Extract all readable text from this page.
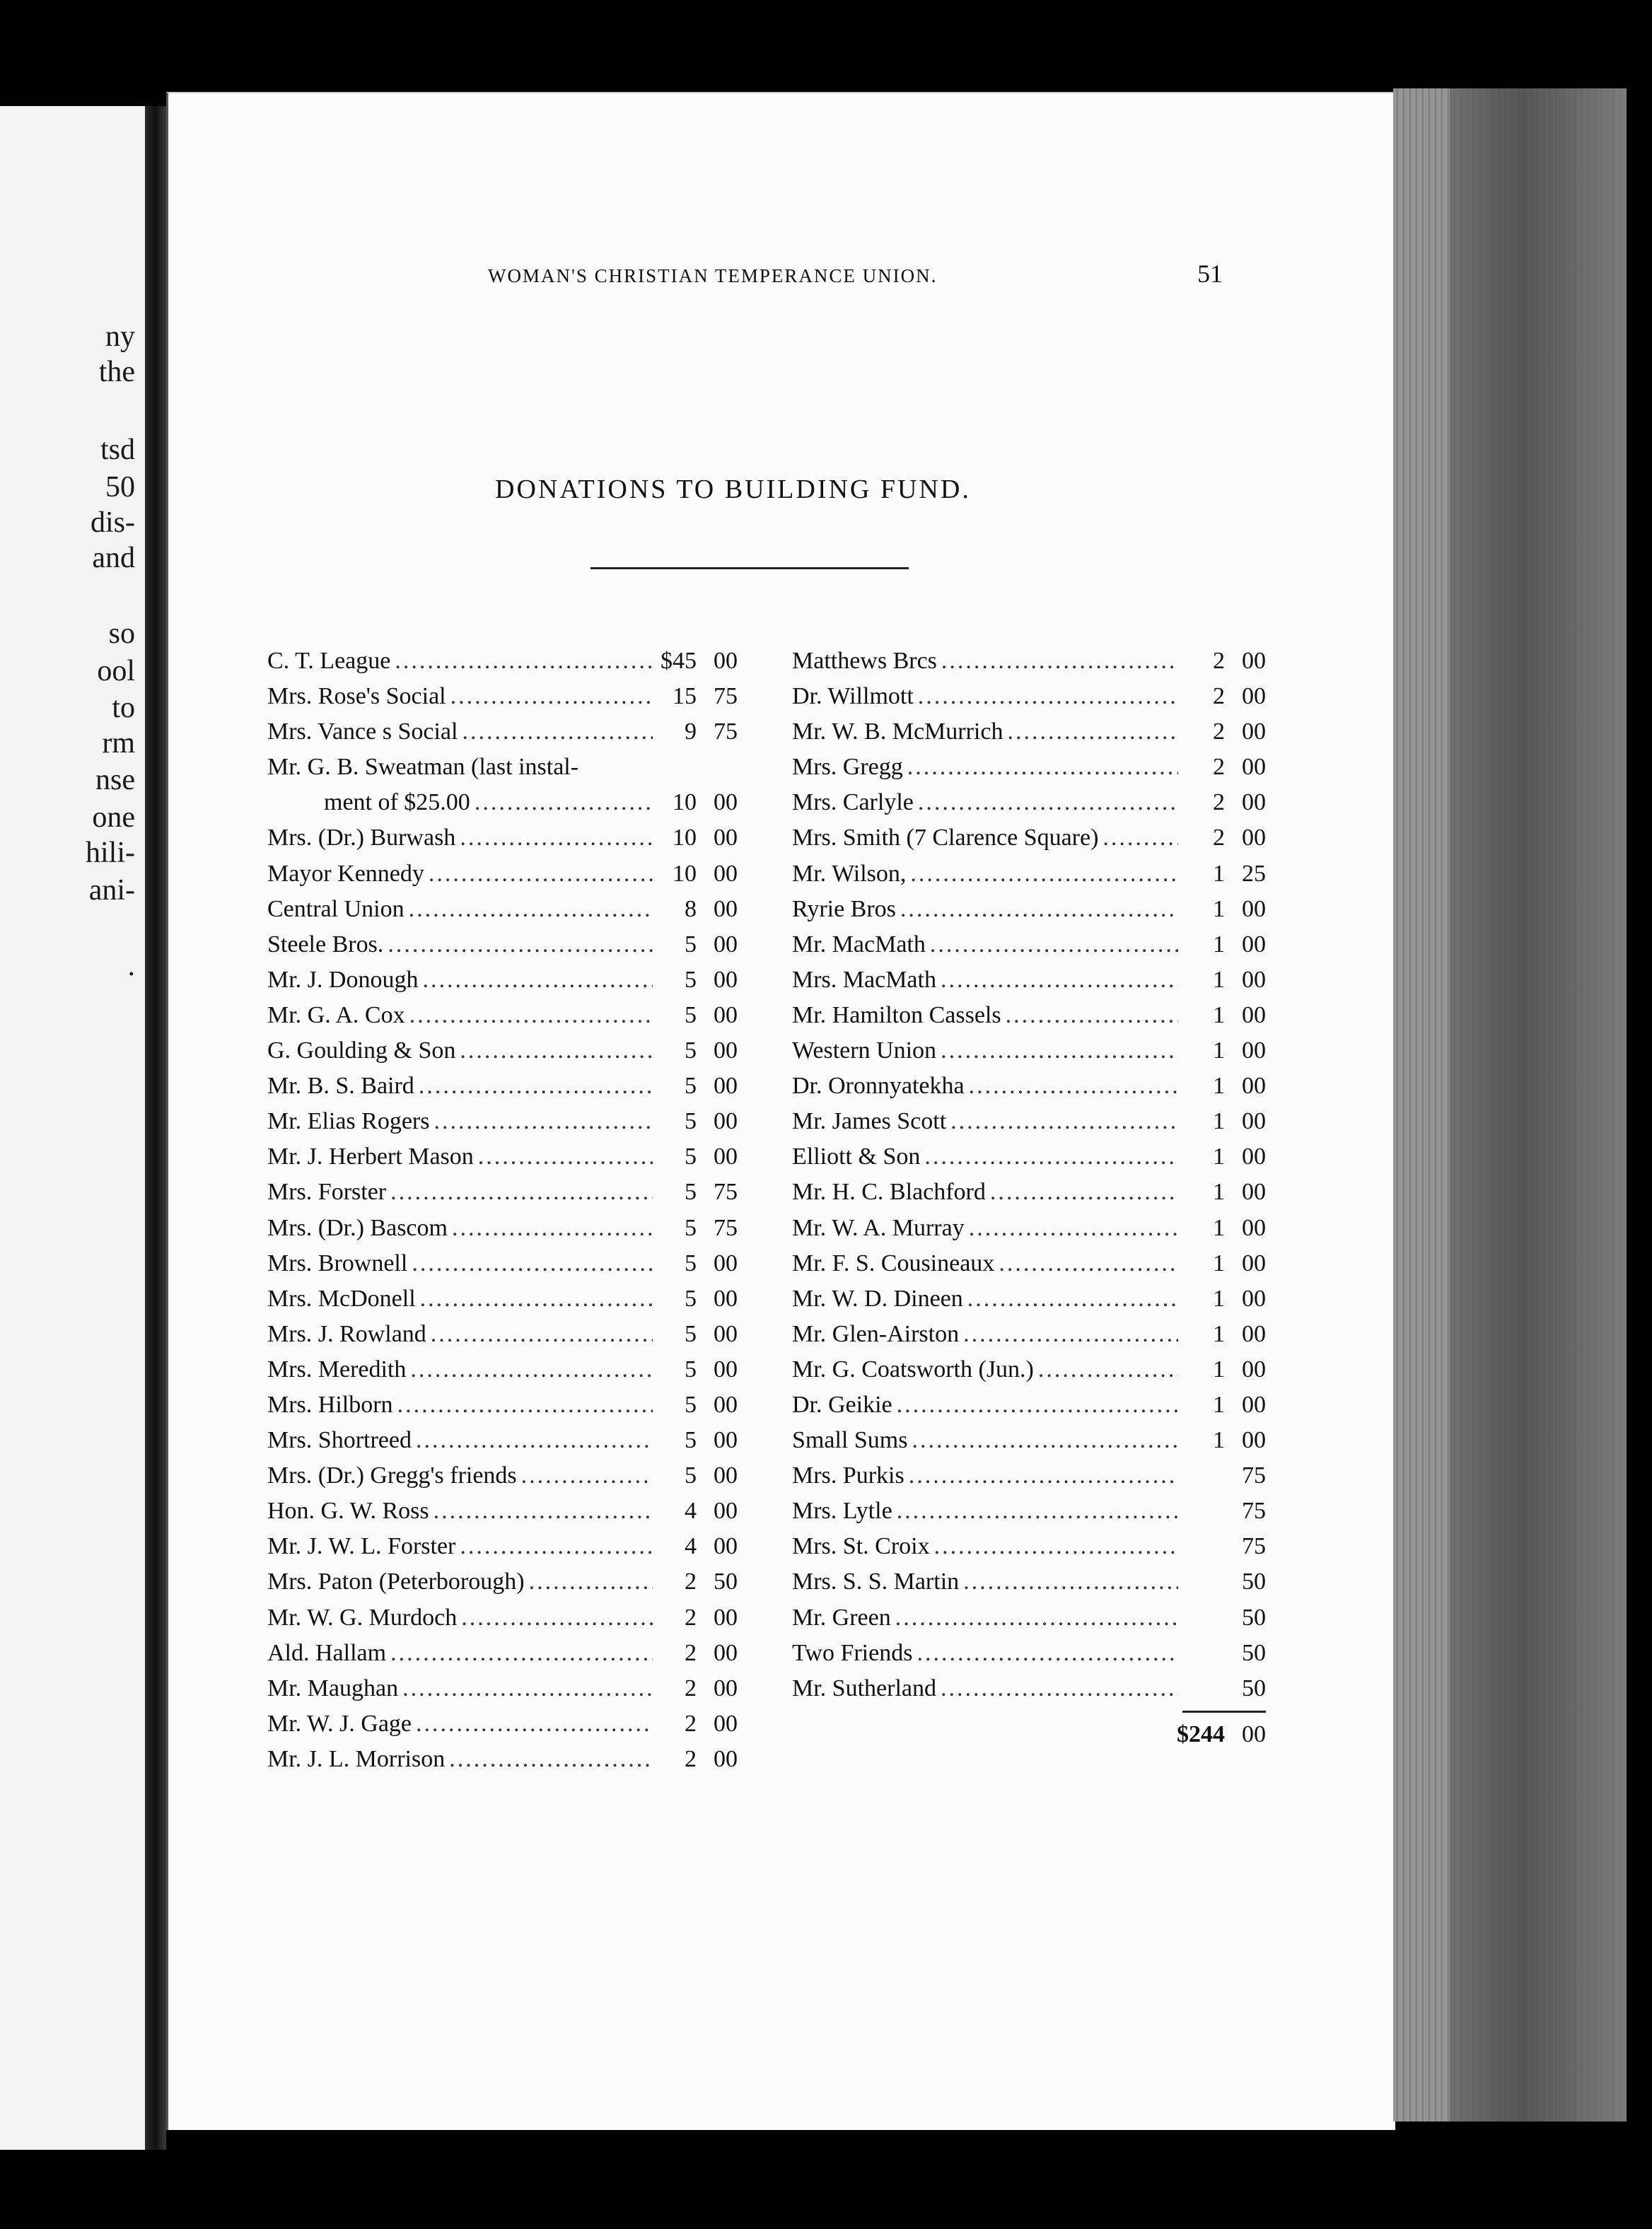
ny
the
tsd
50
dis-
and
so
ool
to
rm
nse
one
hili-
ani-
.
WOMAN'S CHRISTIAN TEMPERANCE UNION.	51
DONATIONS TO BUILDING FUND.
C. T. League .....	$45 00
Mrs. Rose's Social .....	15 75
Mrs. Vance s Social .....	9 75
Mr. G. B. Sweatman (last instal-
ment of $25.00 .....	10 00
Mrs. (Dr.) Burwash .....	10 00
Mayor Kennedy .....	10 00
Central Union .....	8 00
Steele Bros. .....	5 00
Mr. J. Donough .....	5 00
Mr. G. A. Cox .....	5 00
G. Goulding & Son .....	5 00
Mr. B. S. Baird .....	5 00
Mr. Elias Rogers .....	5 00
Mr. J. Herbert Mason .....	5 00
Mrs. Forster .....	5 75
Mrs. (Dr.) Bascom .....	5 75
Mrs. Brownell .....	5 00
Mrs. McDonell .....	5 00
Mrs. J. Rowland .....	5 00
Mrs. Meredith .....	5 00
Mrs. Hilborn .....	5 00
Mrs. Shortreed .....	5 00
Mrs. (Dr.) Gregg's friends .....	5 00
Hon. G. W. Ross .....	4 00
Mr. J. W. L. Forster .....	4 00
Mrs. Paton (Peterborough) .....	2 50
Mr. W. G. Murdoch .....	2 00
Ald. Hallam .....	2 00
Mr. Maughan .....	2 00
Mr. W. J. Gage .....	2 00
Mr. J. L. Morrison .....	2 00
Matthews Brcs .....	2 00
Dr. Willmott .....	2 00
Mr. W. B. McMurrich .....	2 00
Mrs. Gregg .....	2 00
Mrs. Carlyle .....	2 00
Mrs. Smith (7 Clarence Square) .....	2 00
Mr. Wilson, .....	1 25
Ryrie Bros .....	1 00
Mr. MacMath .....	1 00
Mrs. MacMath .....	1 00
Mr. Hamilton Cassels .....	1 00
Western Union .....	1 00
Dr. Oronnyatekha .....	1 00
Mr. James Scott .....	1 00
Elliott & Son .....	1 00
Mr. H. C. Blachford .....	1 00
Mr. W. A. Murray .....	1 00
Mr. F. S. Cousineaux .....	1 00
Mr. W. D. Dineen .....	1 00
Mr. Glen-Airston .....	1 00
Mr. G. Coatsworth (Jun.) .....	1 00
Dr. Geikie .....	1 00
Small Sums .....	1 00
Mrs. Purkis .....	75
Mrs. Lytle .....	75
Mrs. St. Croix .....	75
Mrs. S. S. Martin .....	50
Mr. Green .....	50
Two Friends .....	50
Mr. Sutherland .....	50
$244 00
